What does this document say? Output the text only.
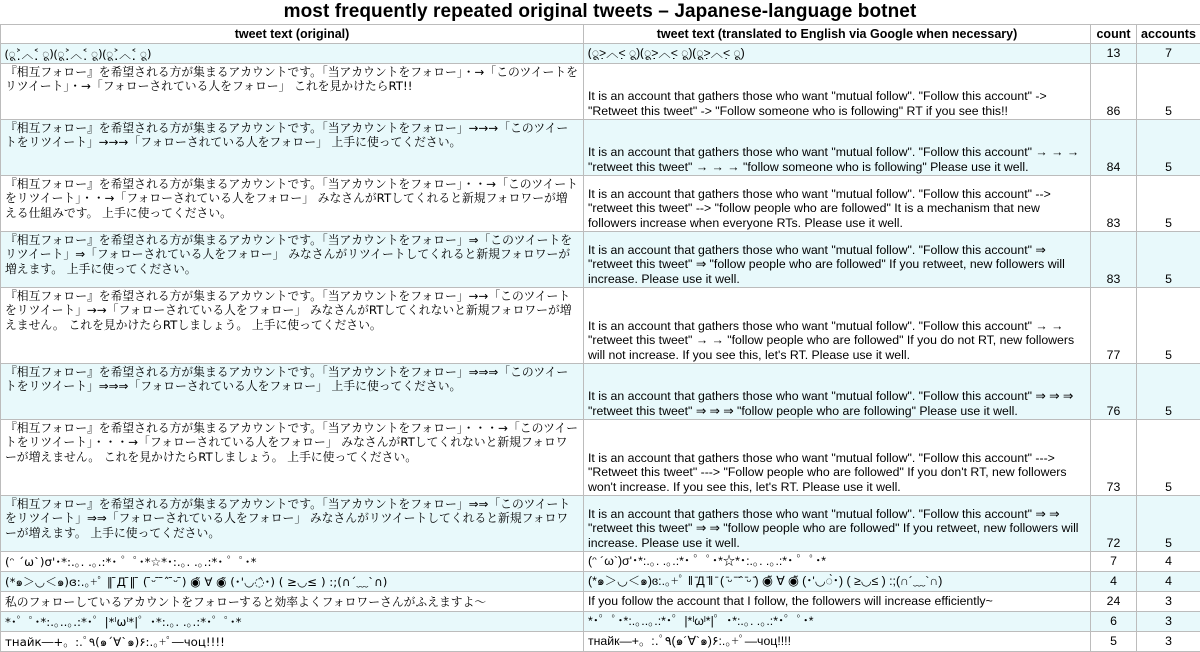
most frequently repeated original tweets – Japanese-language botnet
tweet text (original)	tweet text (translated to English via Google when necessary)	count	accounts
(ू˃̣̣̣̣̣̣︿˂̣̣̣̣̣̣ ू)(ू˃̣̣̣̣̣̣︿˂̣̣̣̣̣̣ ू)(ू˃̣̣̣̣̣̣︿˂̣̣̣̣̣̣ ू)	(ू˃̣̣̣̣̣̣︿˂̣̣̣̣̣̣ ू)(ू˃̣̣̣̣̣̣︿˂̣̣̣̣̣̣ ू)(ू˃̣̣̣̣̣̣︿˂̣̣̣̣̣̣ ू)	13	7
『相互フォロー』を希望される方が集まるアカウントです。「当アカウントをフォロー」・→「このツイートをリツイート」・→「フォローされている人をフォロー」 これを見かけたらRT!!	It is an account that gathers those who want "mutual follow". "Follow this account" -> "Retweet this tweet" -> "Follow someone who is following" RT if you see this!!	86	5
『相互フォロー』を希望される方が集まるアカウントです。「当アカウントをフォロー」→→→「このツイートをリツイート」→→→「フォローされている人をフォロー」 上手に使ってください。	It is an account that gathers those who want "mutual follow". "Follow this account" → → → "retweet this tweet" → → → "follow someone who is following" Please use it well.	84	5
『相互フォロー』を希望される方が集まるアカウントです。「当アカウントをフォロー」・・→「このツイートをリツイート」・・→「フォローされている人をフォロー」 みなさんがRTしてくれると新規フォロワーが増える仕組みです。 上手に使ってください。	It is an account that gathers those who want "mutual follow". "Follow this account" --> "retweet this tweet" --> "follow people who are followed" It is a mechanism that new followers increase when everyone RTs. Please use it well.	83	5
『相互フォロー』を希望される方が集まるアカウントです。「当アカウントをフォロー」⇒「このツイートをリツイート」⇒「フォローされている人をフォロー」 みなさんがリツイートしてくれると新規フォロワーが増えます。 上手に使ってください。	It is an account that gathers those who want "mutual follow". "Follow this account" ⇒ "retweet this tweet" ⇒ "follow people who are followed" If you retweet, new followers will increase. Please use it well.	83	5
『相互フォロー』を希望される方が集まるアカウントです。「当アカウントをフォロー」→→「このツイートをリツイート」→→「フォローされている人をフォロー」 みなさんがRTしてくれないと新規フォロワーが増えません。 これを見かけたらRTしましょう。 上手に使ってください。	It is an account that gathers those who want "mutual follow". "Follow this account" → → "retweet this tweet" → → "follow people who are followed" If you do not RT, new followers will not increase. If you see this, let's RT. Please use it well.	77	5
『相互フォロー』を希望される方が集まるアカウントです。「当アカウントをフォロー」⇒⇒⇒「このツイートをリツイート」⇒⇒⇒「フォローされている人をフォロー」 上手に使ってください。	It is an account that gathers those who want "mutual follow". "Follow this account" ⇒ ⇒ ⇒ "retweet this tweet" ⇒ ⇒ ⇒ "follow people who are following" Please use it well.	76	5
『相互フォロー』を希望される方が集まるアカウントです。「当アカウントをフォロー」・・・→「このツイートをリツイート」・・・→「フォローされている人をフォロー」 みなさんがRTしてくれないと新規フォロワーが増えません。 これを見かけたらRTしましょう。 上手に使ってください。	It is an account that gathers those who want "mutual follow". "Follow this account" ---> "Retweet this tweet" ---> "Follow people who are followed" If you don't RT, new followers won't increase. If you see this, let's RT. Please use it well.	73	5
『相互フォロー』を希望される方が集まるアカウントです。「当アカウントをフォロー」⇒⇒「このツイートをリツイート」⇒⇒「フォローされている人をフォロー」 みなさんがリツイートしてくれると新規フォロワーが増えます。 上手に使ってください。	It is an account that gathers those who want "mutual follow". "Follow this account" ⇒ ⇒ "retweet this tweet" ⇒ ⇒ "follow people who are followed" If you retweet, new followers will increase. Please use it well.	72	5
(ᵔ ´ω`)σ'･*:.｡. .｡.:*･ ゜ﾟ･*☆*･:.｡. .｡.:*･ ゜ﾟ･*	(ᵔ ´ω`)σ'･*:.｡. .｡.:*･ ゜ﾟ･*☆*･:.｡. .｡.:*･ ゜ﾟ･*	7	4
(*๑＞◡＜๑)ɞ:.｡+ﾟ ‖ ̄Д ̄‖ ̄ ( ̄ᵕ ̄ ̄ˆ ̄ᵕ ̄) ◉̃ ∀ ◉̃ (･'◡◌̀･) ( ≥◡≤ ) :;(∩´﹏`∩)	(*๑＞◡＜๑)ɞ:.｡+ﾟ ‖ ̄Д ̄‖ ̄ ( ̄ᵕ ̄ ̄ˆ ̄ᵕ ̄) ◉̃ ∀ ◉̃ (･'◡◌̀･) ( ≥◡≤ ) :;(∩´﹏`∩)	4	4
私のフォローしているアカウントをフォローすると効率よくフォロワーさんがふえますよ～	If you follow the account that I follow, the followers will increase efficiently~	24	3
*･゜ﾟ･*:.｡..｡.:*･゜|*ˡωˡ*|゜･*:.｡. .｡.:*･゜ﾟ･*	*･゜ﾟ･*:.｡..｡.:*･゜|*ˡωˡ*|゜･*:.｡. .｡.:*･゜ﾟ･*	6	3
тнайк―+。:.ﾟ٩(๑´∀`๑)۶:.｡+ﾟ―чоц!!!!	тнайк―+。:.ﾟ٩(๑´∀`๑)۶:.｡+ﾟ―чоц!!!!	5	3
